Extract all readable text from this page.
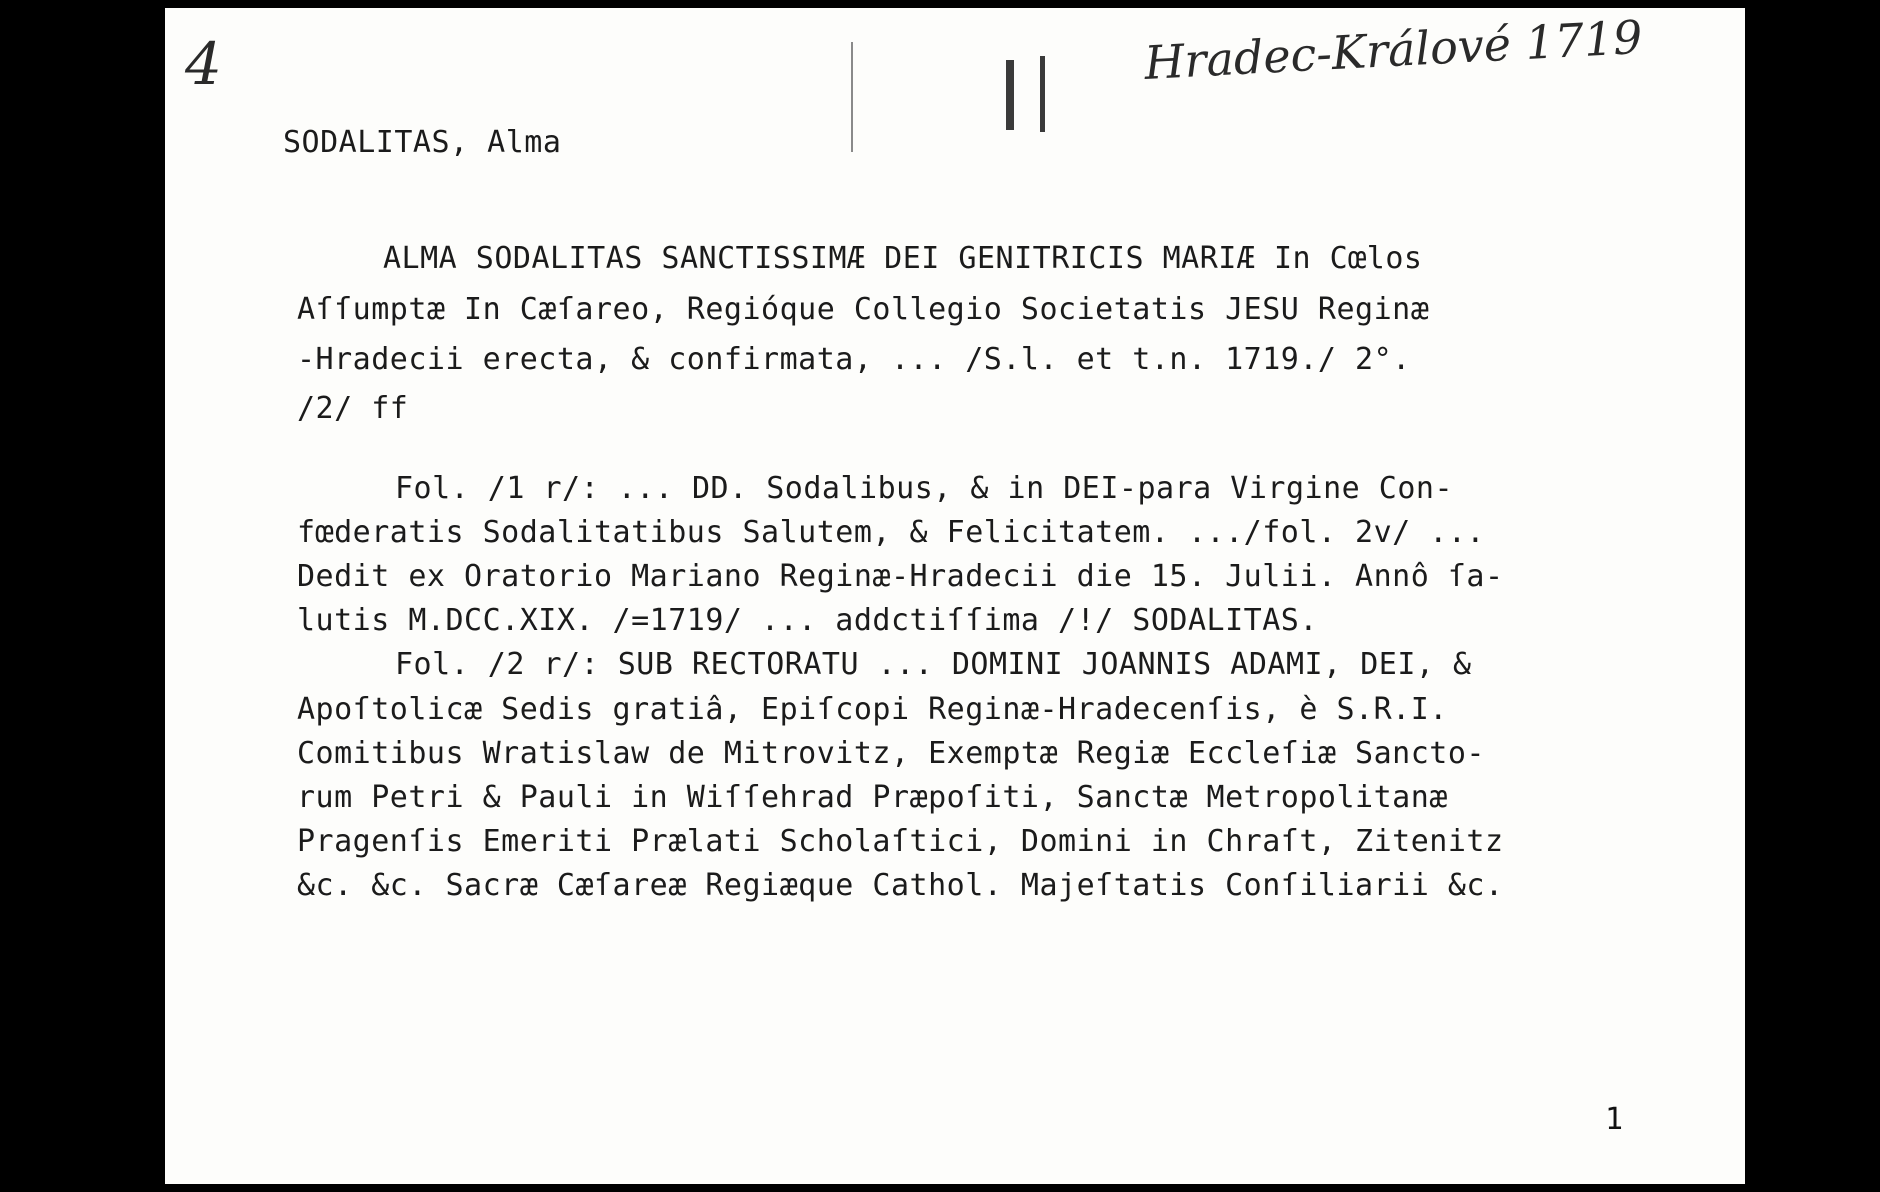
4	Hradec-Králové 1719
SODALITAS, Alma
ALMA SODALITAS SANCTISSIMÆ DEI GENITRICIS MARIÆ In Cœlos
Aſſumptæ In Cæſareo, Regióque Collegio Societatis JESU Reginæ
-Hradecii erecta, & confirmata, ... /S.l. et t.n. 1719./ 2°.
/2/ ff
Fol. /1 r/: ... DD. Sodalibus, & in DEI-para Virgine Con-
fœderatis Sodalitatibus Salutem, & Felicitatem. .../fol. 2v/ ...
Dedit ex Oratorio Mariano Reginæ-Hradecii die 15. Julii. Annô ſa-
lutis M.DCC.XIX. /=1719/ ... addctiſſima /!/ SODALITAS.
Fol. /2 r/: SUB RECTORATU ... DOMINI JOANNIS ADAMI, DEI, &
Apoſtolicæ Sedis gratiâ, Epiſcopi Reginæ-Hradecenſis, è S.R.I.
Comitibus Wratislaw de Mitrovitz, Exemptæ Regiæ Eccleſiæ Sancto-
rum Petri & Pauli in Wiſſehrad Præpoſiti, Sanctæ Metropolitanæ
Pragenſis Emeriti Prælati Scholaſtici, Domini in Chraſt, Zitenitz
&c. &c. Sacræ Cæſareæ Regiæque Cathol. Majeſtatis Conſiliarii &c.
1
